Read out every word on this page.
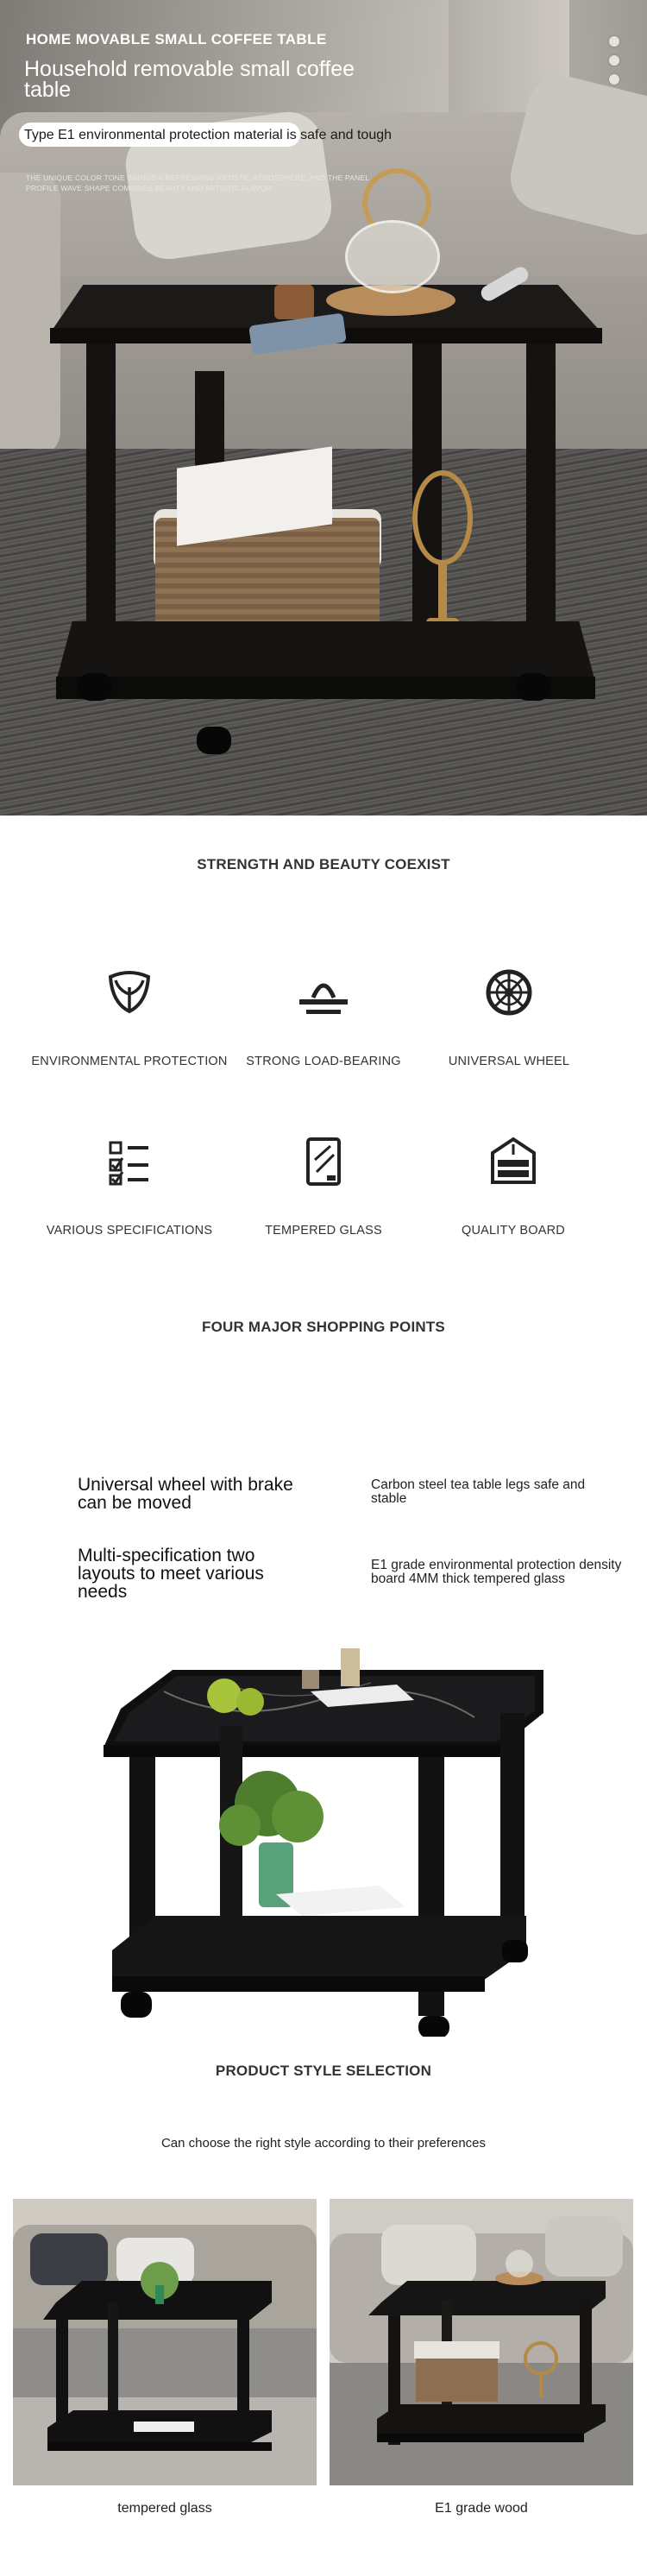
HOME MOVABLE SMALL COFFEE TABLE
Household removable small coffee table
Type E1 environmental protection material is safe and tough
THE UNIQUE COLOR TONE BRINGS A REFRESHING ARTISTIC ATMOSPHERE, AND THE PANEL PROFILE WAVE SHAPE COMBINES BEAUTY AND ARTISTIC FLAVOR
STRENGTH AND BEAUTY COEXIST
ENVIRONMENTAL PROTECTION	STRONG LOAD-BEARING	UNIVERSAL WHEEL
VARIOUS SPECIFICATIONS	TEMPERED GLASS	QUALITY BOARD
FOUR MAJOR SHOPPING POINTS
Universal wheel with brake can be moved
Carbon steel tea table legs safe and stable
Multi-specification two layouts to meet various needs
E1 grade environmental protection density board 4MM thick tempered glass
PRODUCT STYLE SELECTION
Can choose the right style according to their preferences
tempered glass	E1 grade wood
